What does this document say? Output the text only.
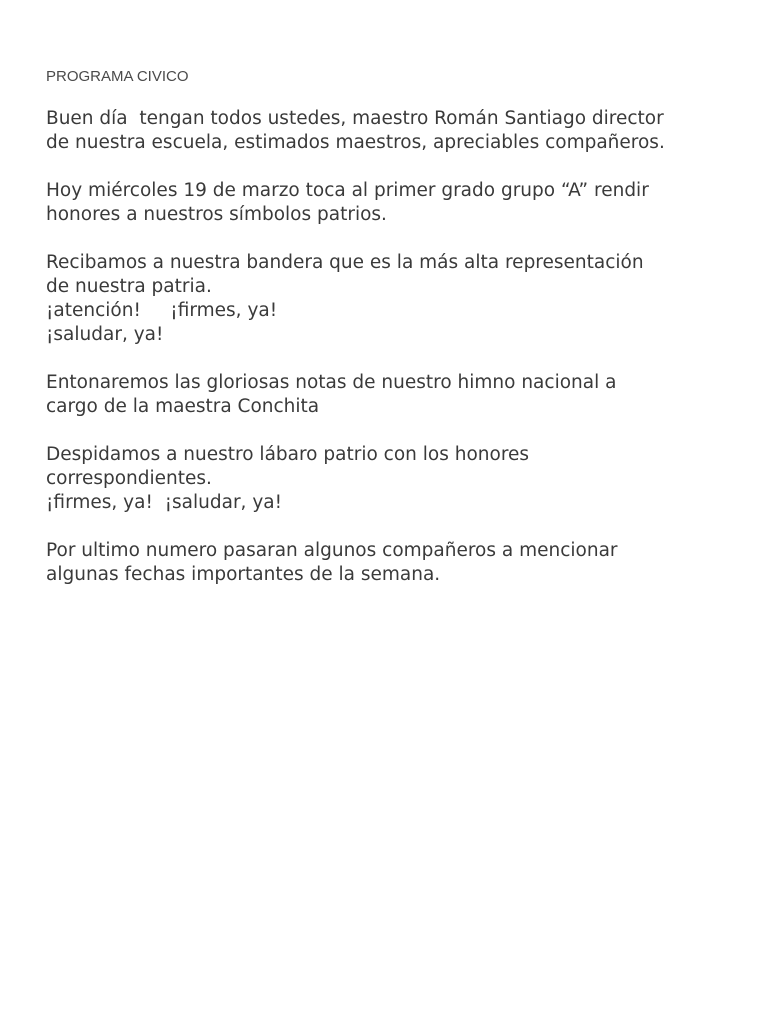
PROGRAMA CIVICO

Buen día  tengan todos ustedes, maestro Román Santiago director
de nuestra escuela, estimados maestros, apreciables compañeros.

Hoy miércoles 19 de marzo toca al primer grado grupo “A” rendir
honores a nuestros símbolos patrios.

Recibamos a nuestra bandera que es la más alta representación
de nuestra patria.
¡atención!     ¡firmes, ya!
¡saludar, ya!

Entonaremos las gloriosas notas de nuestro himno nacional a
cargo de la maestra Conchita

Despidamos a nuestro lábaro patrio con los honores
correspondientes.
¡firmes, ya!  ¡saludar, ya!

Por ultimo numero pasaran algunos compañeros a mencionar
algunas fechas importantes de la semana.
